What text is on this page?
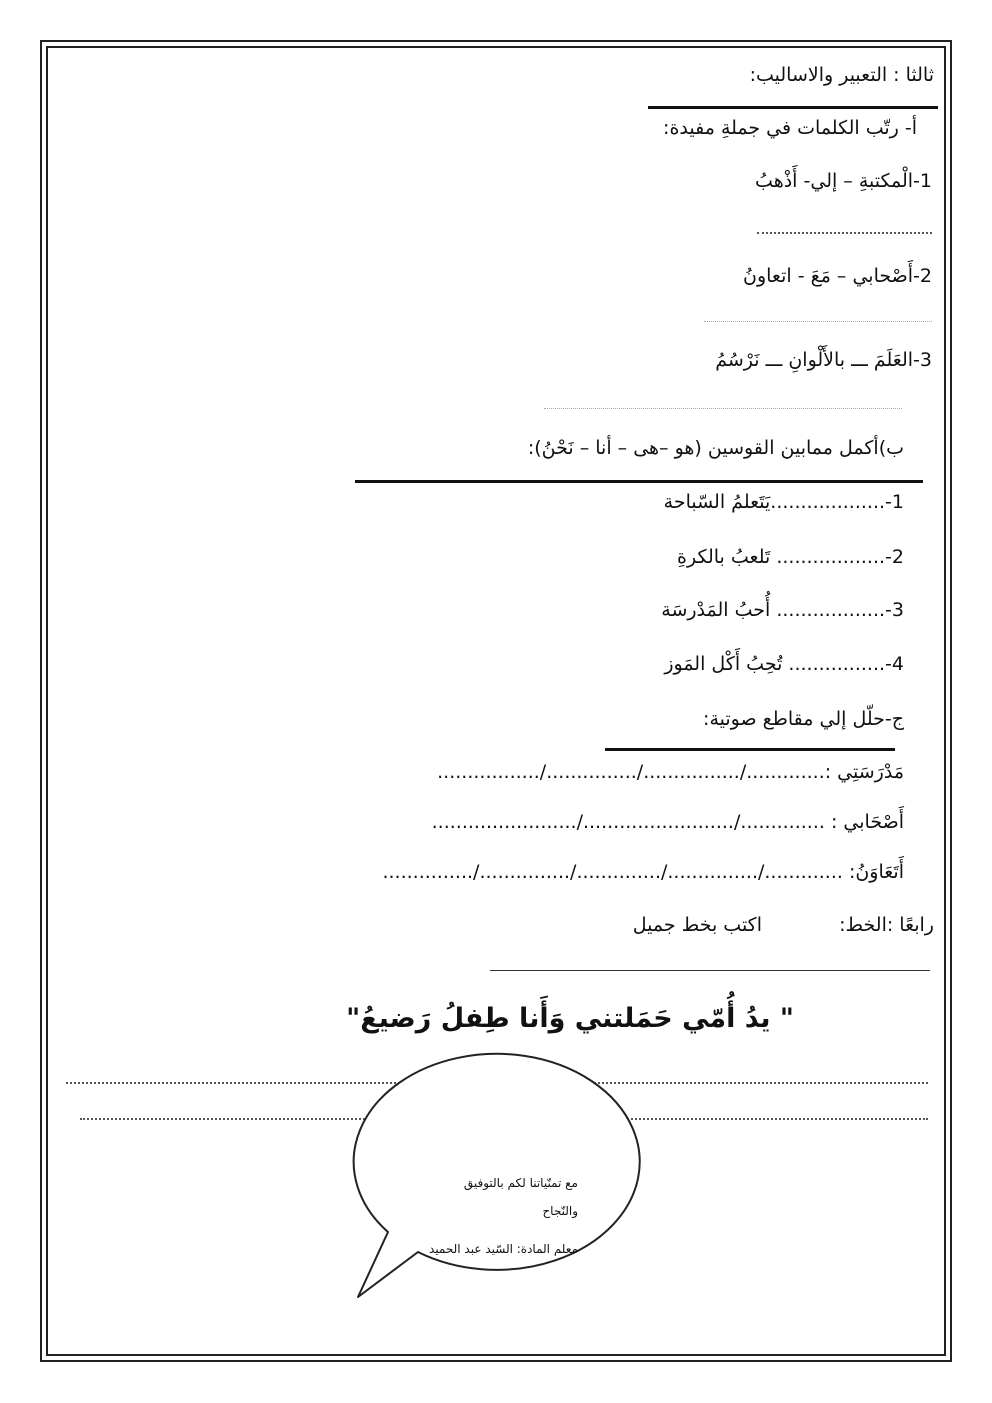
ثالثا : التعبير والاساليب:
أ- رتّب الكلمات في جملةِ مفيدة:
1-الْمكتبةِ – إلي- أَذْهبُ
2-أَصْحابي – مَعَ - اتعاونُ
3-العَلَمَ ـــ بالأَلْوانِ ـــ نَرْسُمُ
ب)أكمل ممابين القوسين (هو –هى – أنا – نَحْنُ):
1-...................يَتَعلمُ السّباحة
2-.................. تَلعبُ بالكرةِ
3-.................. أُحبُ المَدْرسَة
4-................ تُحِبُ أَكْل المَوز
ج-حلّل إلي مقاطع صوتية:
مَدْرَسَتِي :............./................/.............../.................
أَصْحَابي : ............../........................./........................
أَتَعَاوَنُ: ............./.............../............../.............../...............
رابعًا :الخط:
اكتب بخط جميل
" يدُ أُمّي حَمَلتني وَأَنا طِفلُ رَضيعُ"
مع تمنّياتنا لكم بالتوفيق
والنّجاح
معلم المادة: السّيد عبد الحميد
